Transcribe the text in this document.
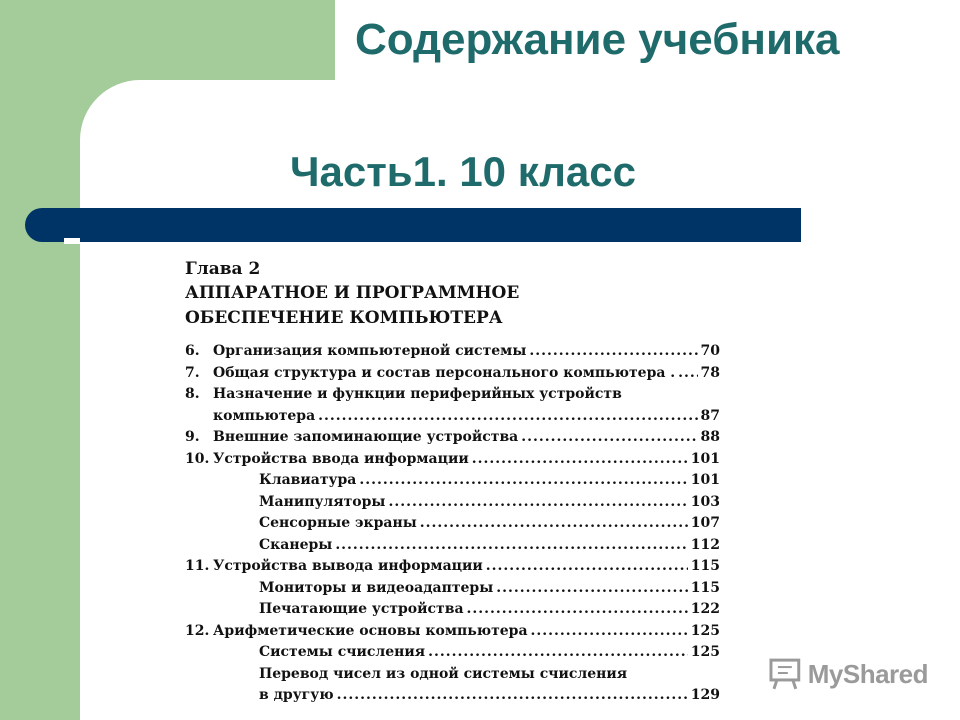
Содержание учебника
Часть1. 10 класс
Глава 2
АППАРАТНОЕ И ПРОГРАММНОЕ
ОБЕСПЕЧЕНИЕ КОМПЬЮТЕРА
6. Организация компьютерной системы .....	70
7. Общая структура и состав персонального компьютера . ..... 78
8. Назначение и функции периферийных устройств
компьютера .....	87
9. Внешние запоминающие устройства .....	88
10. Устройства ввода информации .....	101
Клавиатура .....	101
Манипуляторы .....	103
Сенсорные экраны .....	107
Сканеры .....	112
11. Устройства вывода информации .....	115
Мониторы и видеоадаптеры .....	115
Печатающие устройства .....	122
12. Арифметические основы компьютера .....	125
Системы счисления .....	125
Перевод чисел из одной системы счисления
в другую .....	129
MyShared
